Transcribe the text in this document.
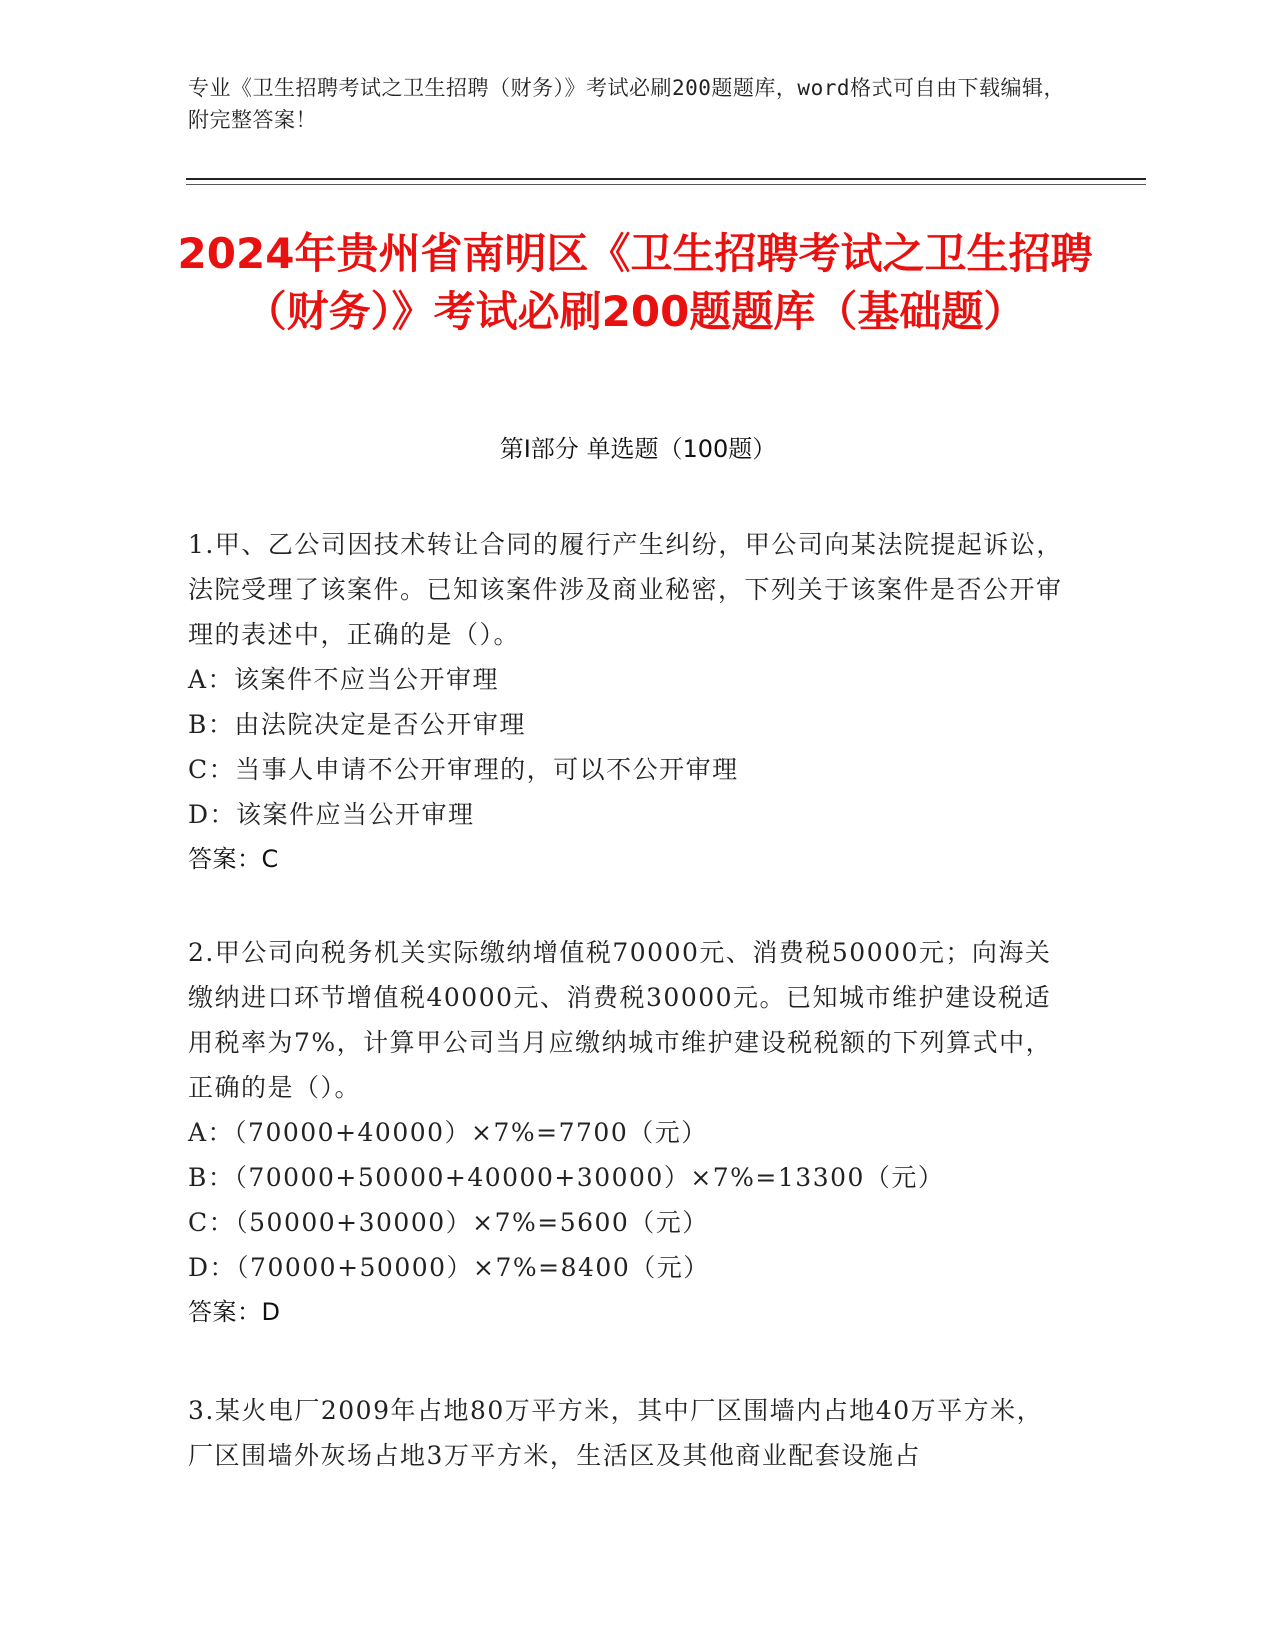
专业《卫生招聘考试之卫生招聘（财务）》考试必刷200题题库，word格式可自由下载编辑，附完整答案！
2024年贵州省南明区《卫生招聘考试之卫生招聘（财务）》考试必刷200题题库（基础题）
第Ⅰ部分 单选题（100题）

1.甲、乙公司因技术转让合同的履行产生纠纷，甲公司向某法院提起诉讼，法院受理了该案件。已知该案件涉及商业秘密，下列关于该案件是否公开审理的表述中，正确的是（）。

A：该案件不应当公开审理

B：由法院决定是否公开审理

C：当事人申请不公开审理的，可以不公开审理

D：该案件应当公开审理

答案：C

2.甲公司向税务机关实际缴纳增值税70000元、消费税50000元；向海关缴纳进口环节增值税40000元、消费税30000元。已知城市维护建设税适用税率为7%，计算甲公司当月应缴纳城市维护建设税税额的下列算式中，正确的是（）。

A：（70000+40000）×7%=7700（元）

B：（70000+50000+40000+30000）×7%=13300（元）

C：（50000+30000）×7%=5600（元）

D：（70000+50000）×7%=8400（元）

答案：D

3.某火电厂2009年占地80万平方米，其中厂区围墙内占地40万平方米，厂区围墙外灰场占地3万平方米，生活区及其他商业配套设施占
